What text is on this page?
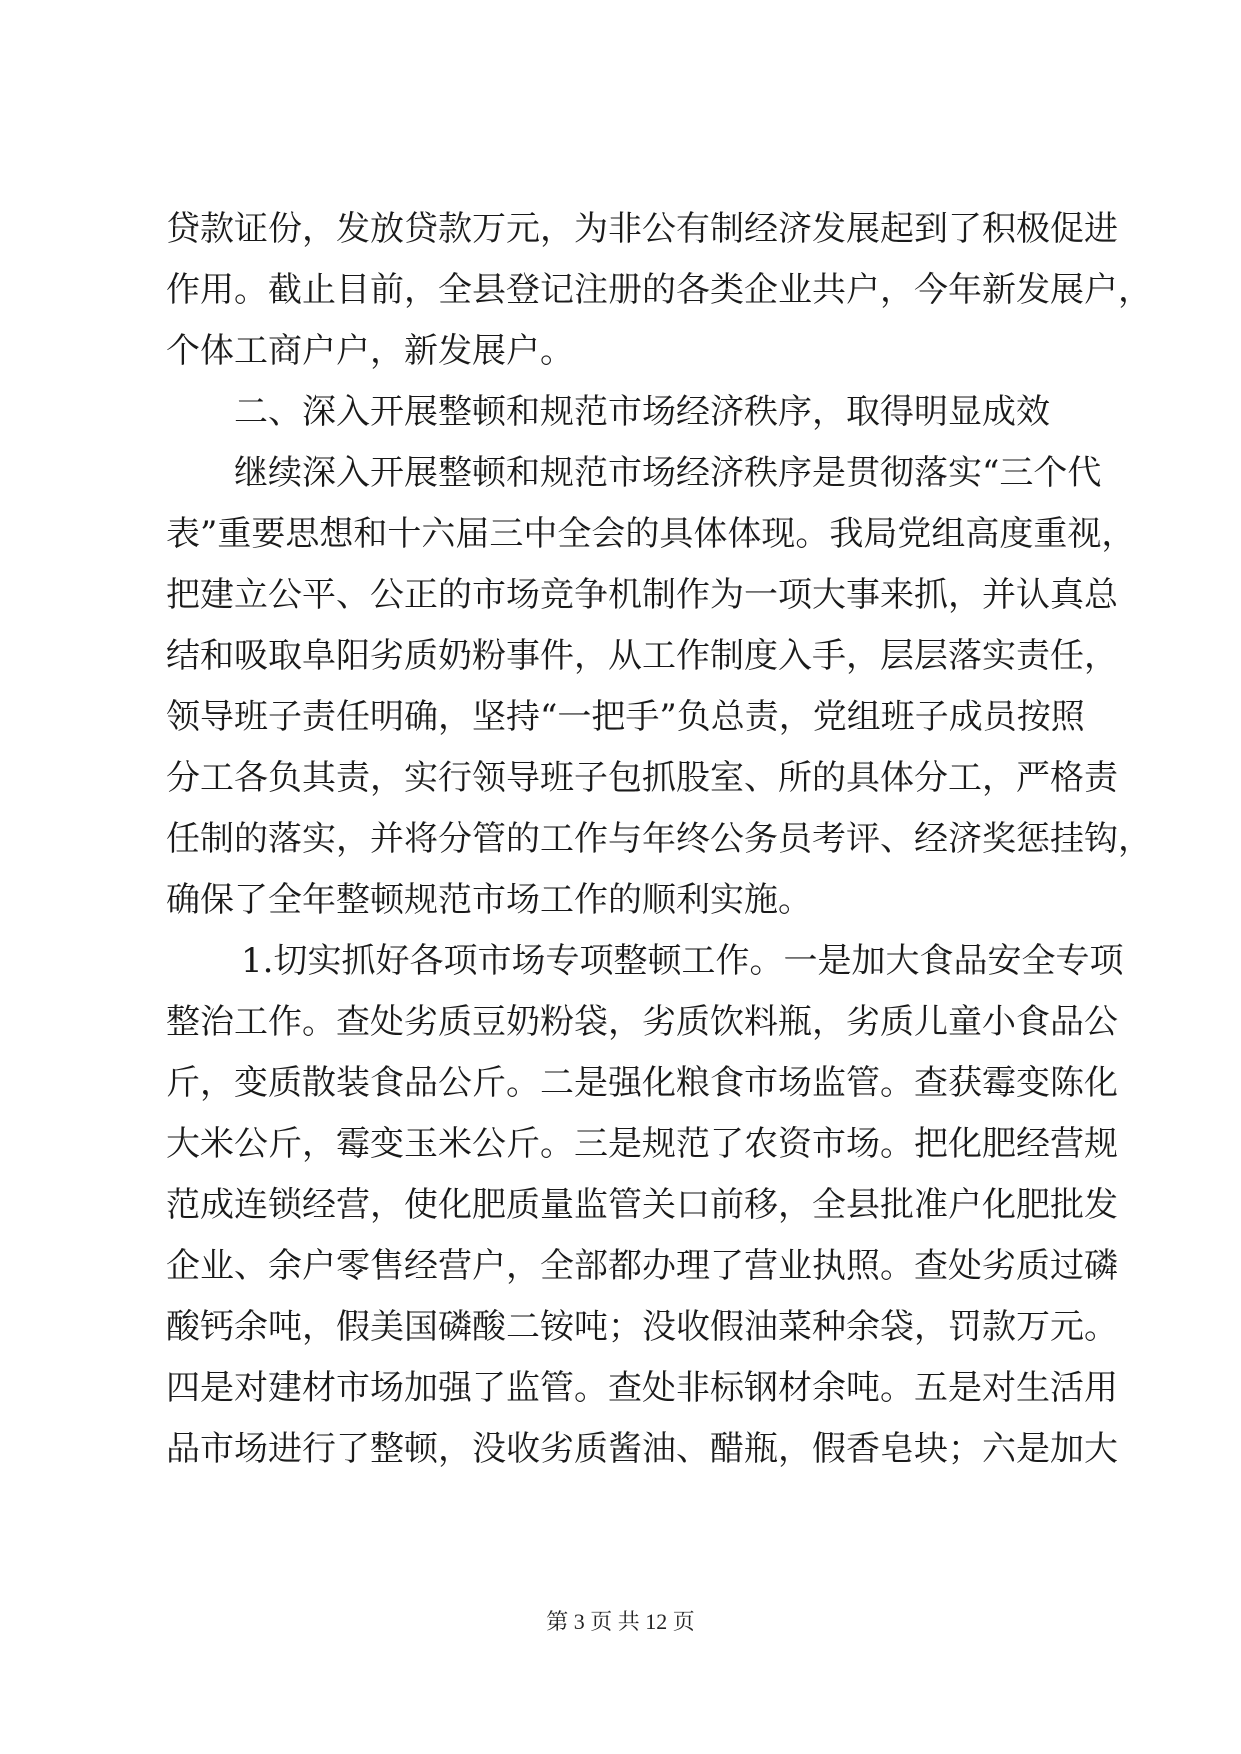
贷款证份，发放贷款万元，为非公有制经济发展起到了积极促进
作用。截止目前，全县登记注册的各类企业共户，今年新发展户，
个体工商户户，新发展户。
二、深入开展整顿和规范市场经济秩序，取得明显成效
继续深入开展整顿和规范市场经济秩序是贯彻落实“三个代
表”重要思想和十六届三中全会的具体体现。我局党组高度重视，
把建立公平、公正的市场竞争机制作为一项大事来抓，并认真总
结和吸取阜阳劣质奶粉事件，从工作制度入手，层层落实责任，
领导班子责任明确，坚持“一把手”负总责，党组班子成员按照
分工各负其责，实行领导班子包抓股室、所的具体分工，严格责
任制的落实，并将分管的工作与年终公务员考评、经济奖惩挂钩，
确保了全年整顿规范市场工作的顺利实施。
1.切实抓好各项市场专项整顿工作。一是加大食品安全专项
整治工作。查处劣质豆奶粉袋，劣质饮料瓶，劣质儿童小食品公
斤，变质散装食品公斤。二是强化粮食市场监管。查获霉变陈化
大米公斤，霉变玉米公斤。三是规范了农资市场。把化肥经营规
范成连锁经营，使化肥质量监管关口前移，全县批准户化肥批发
企业、余户零售经营户，全部都办理了营业执照。查处劣质过磷
酸钙余吨，假美国磷酸二铵吨；没收假油菜种余袋，罚款万元。
四是对建材市场加强了监管。查处非标钢材余吨。五是对生活用
品市场进行了整顿，没收劣质酱油、醋瓶，假香皂块；六是加大
第 3 页 共 12 页
